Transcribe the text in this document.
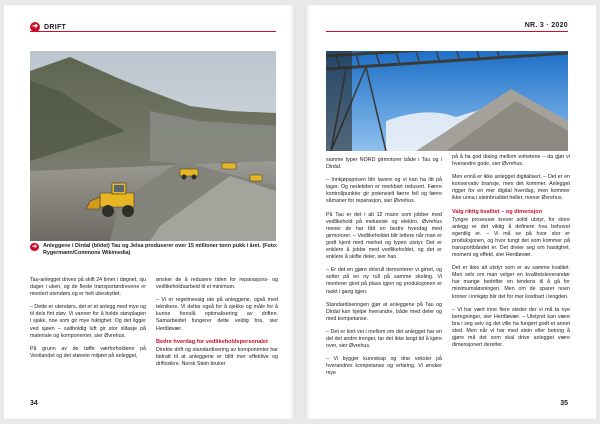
➜ DRIFT
➜	Anleggene i Dirdal (bildet) Tau og Jelsa produserer over 15 millioner tonn pukk i året. (Foto: Rygermann/Commons Wikimedia)

Tau-anlegget drives på skift 24 timer i døgnet, sju dager i uken, og de fleste transportørdrevene er montert utendørs og er helt ubeskyttet.

– Dette er utendørs, det er et anlegg med mye og til dels fint støv. Vi vanner for å holde støvplagen i sjakk, noe som gir mye fuktighet. Og det ligger ved sjøen – saltholdig luft gir stor slitasje på materiale og komponenter, sier Øvrehus.

På grunn av de tøffe værforholdene på Vestlandet og det støvete miljøet på anlegget,

ønsker de å redusere tiden for reparasjons- og vedlikeholdsarbeid til et minimum.

– Vi er regelmessig ute på anleggene, også med teknikere. Vi deltar også for å sjekke og måle for å kunne foreslå optimalisering av driften. Samarbeidet fungerer dette veldig bra, sier Herdløvær.

Bedre hverdag for vedlikeholdspersonalet

Direkte drift og standardisering av komponenter har bidratt til at anleggene er blitt mer effektive og driftssikre. Norsk Stein bruker

34
NR. 3 · 2020

samme typer NORD girmotorer både i Tau og i Dirdal.

– Innkjøpsprisen blir lavere og vi kan ha litt på lager. Og nedetiden er merkbart redusert. Færre kontrollpunkter gir potensielt færre feil og færre såmaner for reparasjon, sier Øvrehus.

På Tau er det i alt 12 mann som jobber med vedlikehold på mekanisk og elektro. Øvrehus mener de har fått en bedre hverdag med girmotorer. – Vedlikeholdet blir lettere når man er godt kjent med merket og typen utstyr. Det er enklere å jobbe med vedlikeholdet, og det er enklere å skifte deler, sier han.

– Er det en gjøre drivrull demonterer vi girret, og setter på en ny rull på samme skoling. Vi monterer giret på plass igjen og produksjonen er raskt i gang igjen.

Standardiseringen gjør at anleggene på Tau og Dirdal kan hjelpe hverandre, både med deler og med kompetanse.

– Det er kort vei i mellom om det anlegget har en del det andre trenger, tar det ikke langt tid å kjøre over, sier Øvrehus.

– Vi bygger kunnskap og drar veksler på hverandres kompetanse og erfaring. Vi ønsker mye

på å ha god dialog mellom enhetene – da gjør vi hverandre gode, sier Øvrehus.

Men ennå er ikke anlegget digitalisert. – Det er en konservativ bransje, men det kommer. Anlegget rigger for en mer digital hverdag, men kommer ikke unna i steinbruddet heller, mener Øvrehus.

Valg riktig kvalitet – og dimensjon

Tyngre prosesser krever solid utstyr, for store anlegg er det viktig å definere hva behovet egentlig er. – Vi må se på hvor stor er produksjonen, og hvor tungt det som kommer på transportbåndet er. Det dreier seg om hastighet, moment og effekt, sier Herdløvær.

Det er ikke alt utstyr som er av samme kvalitet. Men selv om man velger en kvalitetsleverandør har mange bedrifter en tendens til å gå for minimumsløsningen. Men om de sparer noen kroner i innkjøp blir det for mer kostbart i lengden.

– Vi har vært inne flere steder der vi må ta nye beregninger, sier Herdløvær. – Utstyret kan være bra i seg selv og det ville ha fungert godt et annet sted. Men når vi har med stein eller betong å gjøre må det som skal drive anlegget være dimensjonert deretter.

35
